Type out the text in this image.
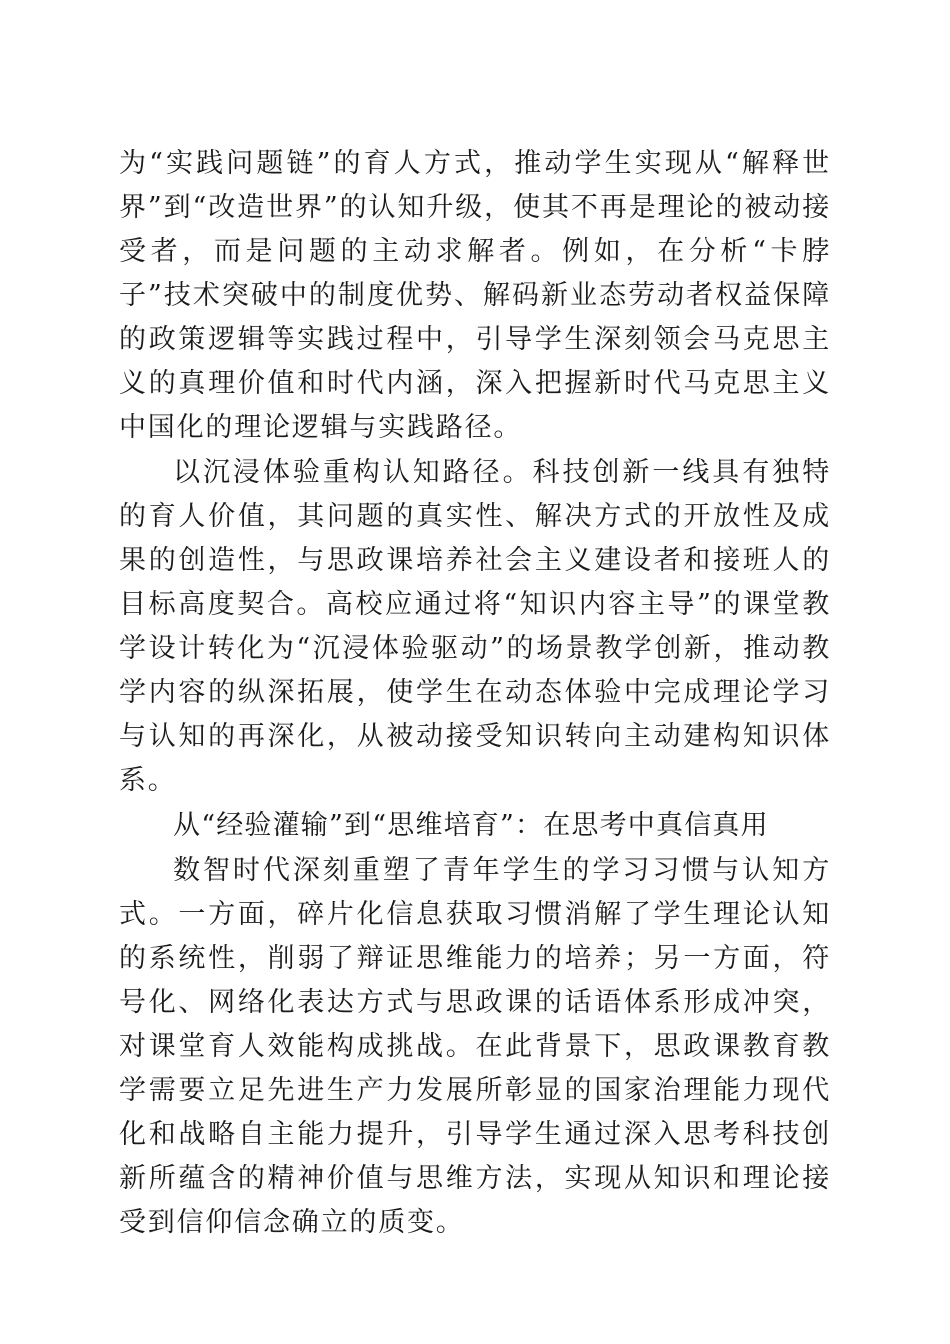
为“实践问题链”的育人方式，推动学生实现从“解释世界”到“改造世界”的认知升级，使其不再是理论的被动接受者，而是问题的主动求解者。例如，在分析“卡脖子”技术突破中的制度优势、解码新业态劳动者权益保障的政策逻辑等实践过程中，引导学生深刻领会马克思主义的真理价值和时代内涵，深入把握新时代马克思主义中国化的理论逻辑与实践路径。

以沉浸体验重构认知路径。科技创新一线具有独特的育人价值，其问题的真实性、解决方式的开放性及成果的创造性，与思政课培养社会主义建设者和接班人的目标高度契合。高校应通过将“知识内容主导”的课堂教学设计转化为“沉浸体验驱动”的场景教学创新，推动教学内容的纵深拓展，使学生在动态体验中完成理论学习与认知的再深化，从被动接受知识转向主动建构知识体系。

从“经验灌输”到“思维培育”：在思考中真信真用

数智时代深刻重塑了青年学生的学习习惯与认知方式。一方面，碎片化信息获取习惯消解了学生理论认知的系统性，削弱了辩证思维能力的培养；另一方面，符号化、网络化表达方式与思政课的话语体系形成冲突，对课堂育人效能构成挑战。在此背景下，思政课教育教学需要立足先进生产力发展所彰显的国家治理能力现代化和战略自主能力提升，引导学生通过深入思考科技创新所蕴含的精神价值与思维方法，实现从知识和理论接受到信仰信念确立的质变。
